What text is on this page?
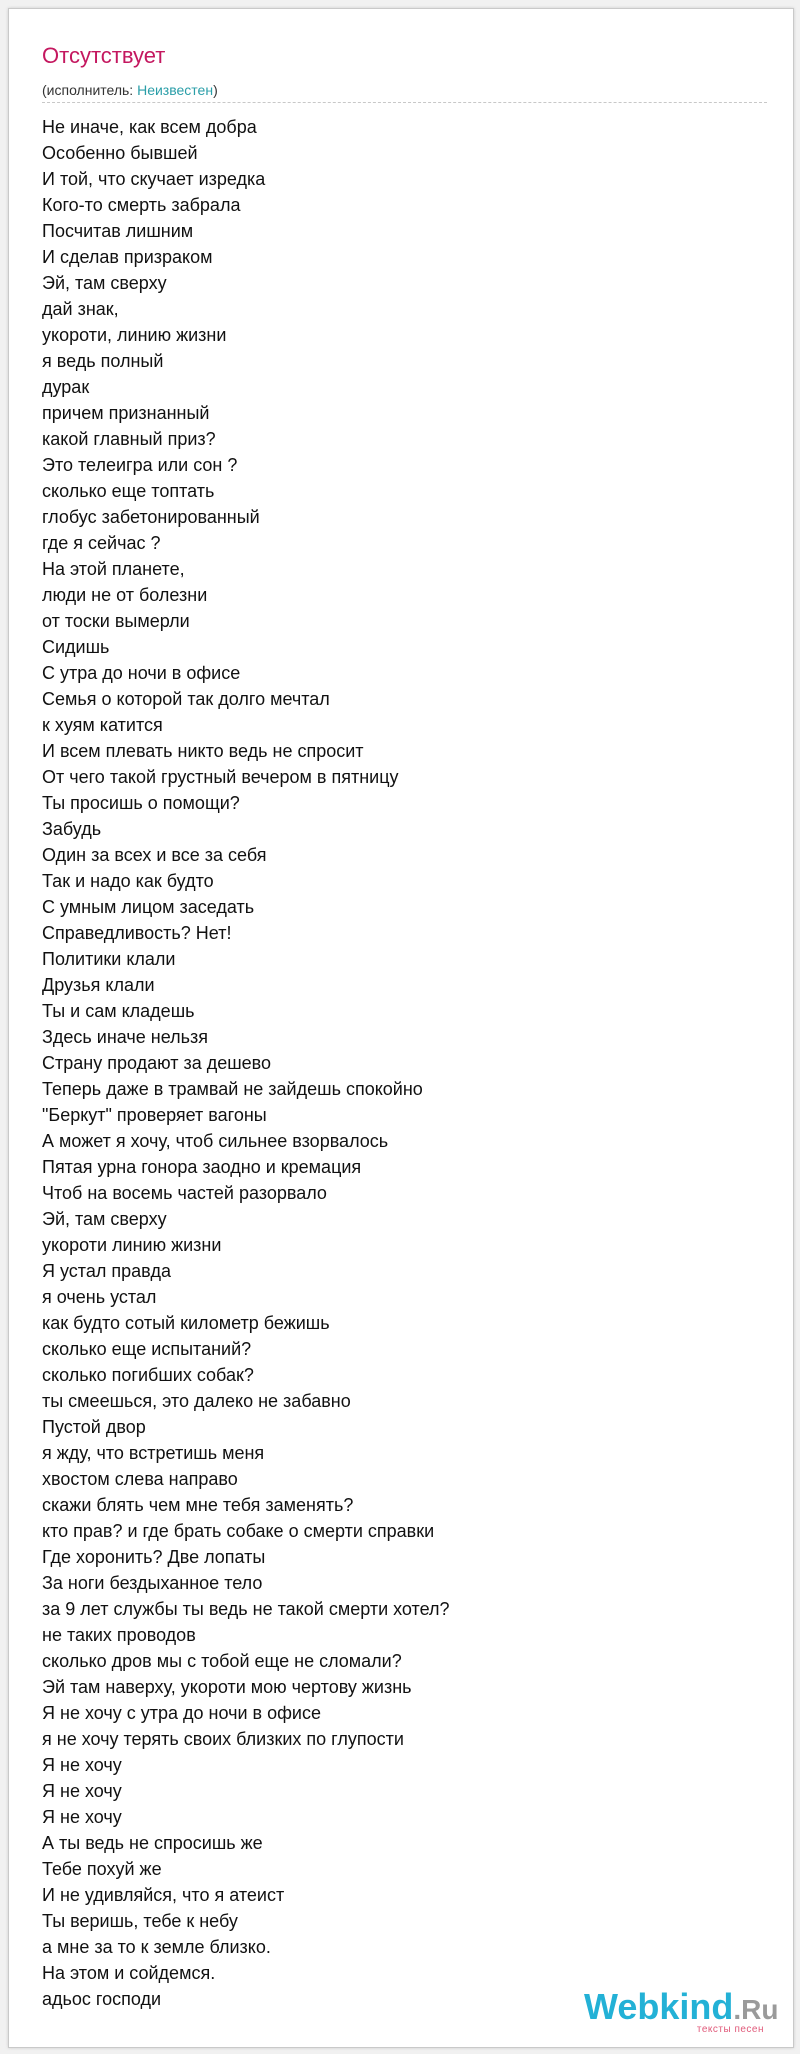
Отсутствует
(исполнитель: Неизвестен)
Не иначе, как всем добра
Особенно бывшей
И той, что скучает изредка
Кого-то смерть забрала
Посчитав лишним
И сделав призраком
Эй, там сверху
дай знак,
укороти, линию жизни
я ведь полный
дурак
причем признанный
какой главный приз?
Это телеигра или сон ?
сколько еще топтать
глобус забетонированный
где я сейчас ?
На этой планете,
люди не от болезни
от тоски вымерли
Сидишь
С утра до ночи в офисе
Семья о которой так долго мечтал
к хуям катится
И всем плевать никто ведь не спросит
От чего такой грустный вечером в пятницу
Ты просишь о помощи?
Забудь
Один за всех и все за себя
Так и надо как будто
С умным лицом заседать
Справедливость? Нет!
Политики клали
Друзья клали
Ты и сам кладешь
Здесь иначе нельзя
Страну продают за дешево
Теперь даже в трамвай не зайдешь спокойно
"Беркут" проверяет вагоны
А может я хочу, чтоб сильнее взорвалось
Пятая урна гонора заодно и кремация
Чтоб на восемь частей разорвало
Эй, там сверху
укороти линию жизни
Я устал правда
я очень устал
как будто сотый километр бежишь
сколько еще испытаний?
сколько погибших собак?
ты смеешься, это далеко не забавно
Пустой двор
я жду, что встретишь меня
хвостом слева направо
скажи блять чем мне тебя заменять?
кто прав? и где брать собаке о смерти справки
Где хоронить? Две лопаты
За ноги бездыханное тело
за 9 лет службы ты ведь не такой смерти хотел?
не таких проводов
сколько дров мы с тобой еще не сломали?
Эй там наверху, укороти мою чертову жизнь
Я не хочу с утра до ночи в офисе
я не хочу терять своих близких по глупости
Я не хочу
Я не хочу
Я не хочу
А ты ведь не спросишь же
Тебе похуй же
И не удивляйся, что я атеист
Ты веришь, тебе к небу
а мне за то к земле близко.
На этом и сойдемся.
адьос господи	Webkind.Ru
тексты песен
